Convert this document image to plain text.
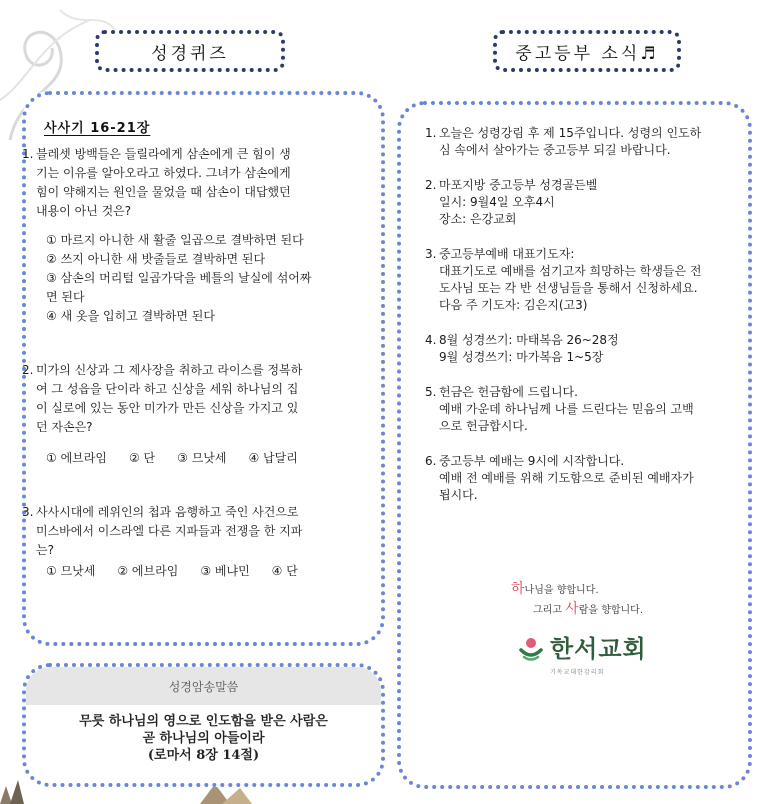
성경퀴즈	중고등부 소식♬
사사기 16-21장
1. 블레셋 방백들은 들릴라에게 삼손에게 큰 힘이 생
기는 이유를 알아오라고 하였다. 그녀가 삼손에게
힘이 약해지는 원인을 물었을 때 삼손이 대답했던
내용이 아닌 것은?
① 마르지 아니한 새 활줄 일곱으로 결박하면 된다
② 쓰지 아니한 새 밧줄들로 결박하면 된다
③ 삼손의 머리털 일곱가닥을 베틀의 날실에 섞어짜
면 된다
④ 새 옷을 입히고 결박하면 된다
2. 미가의 신상과 그 제사장을 취하고 라이스를 정복하
여 그 성읍을 단이라 하고 신상을 세워 하나님의 집
이 실로에 있는 동안 미가가 만든 신상을 가지고 있
던 자손은?
① 에브라임 ② 단 ③ 므낫세 ④ 납달리
3. 사사시대에 레위인의 첩과 음행하고 죽인 사건으로
미스바에서 이스라엘 다른 지파들과 전쟁을 한 지파
는?
① 므낫세 ② 에브라임 ③ 베냐민 ④ 단
성경암송말씀
무릇 하나님의 영으로 인도함을 받은 사람은
곧 하나님의 아들이라
(로마서 8장 14절)
1. 오늘은 성령강림 후 제 15주입니다. 성령의 인도하
심 속에서 살아가는 중고등부 되길 바랍니다.
2. 마포지방 중고등부 성경골든벨
일시: 9월4일 오후4시
장소: 은강교회
3. 중고등부예배 대표기도자:
대표기도로 예배를 섬기고자 희망하는 학생들은 전
도사님 또는 각 반 선생님들을 통해서 신청하세요.
다음 주 기도자: 김은지(고3)
4. 8월 성경쓰기: 마태복음 26~28정
9월 성경쓰기: 마가복음 1~5장
5. 헌금은 헌금함에 드립니다.
예배 가운데 하나님께 나를 드린다는 믿음의 고백
으로 헌금합시다.
6. 중고등부 예배는 9시에 시작합니다.
예배 전 예배를 위해 기도함으로 준비된 예배자가
됩시다.
하나님을 향합니다.
그리고 사람을 향합니다.
한서교회
기독교대한감리회
